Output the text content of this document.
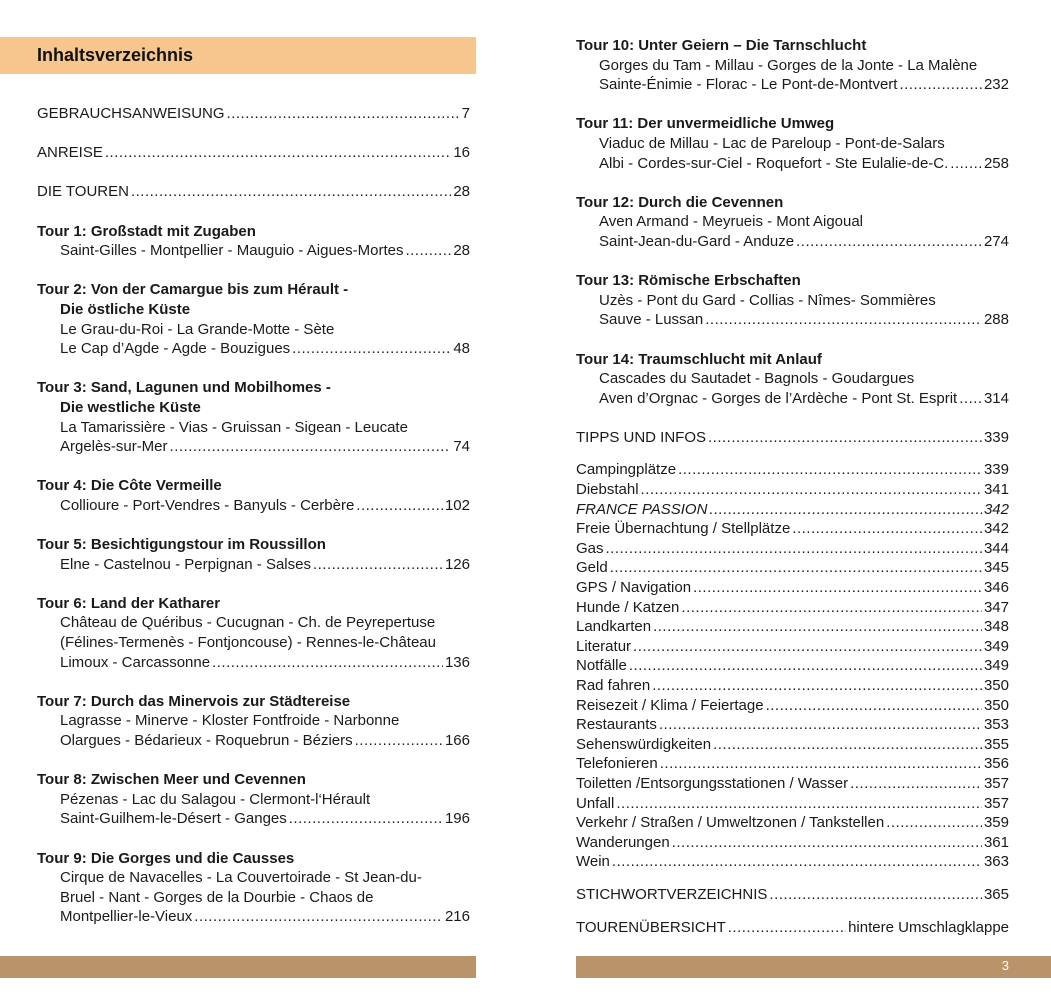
Inhaltsverzeichnis
GEBRAUCHSANWEISUNG .....	7
ANREISE .....	16
DIE TOUREN .....	28
Tour 1: Großstadt mit Zugaben
Saint-Gilles - Montpellier - Mauguio - Aigues-Mortes .....	28
Tour 2: Von der Camargue bis zum Hérault -
Die östliche Küste
Le Grau-du-Roi - La Grande-Motte - Sète
Le Cap d’Agde - Agde - Bouzigues .....	48
Tour 3: Sand, Lagunen und Mobilhomes -
Die westliche Küste
La Tamarissière - Vias - Gruissan - Sigean - Leucate
Argelès-sur-Mer .....	74
Tour 4: Die Côte Vermeille
Collioure - Port-Vendres - Banyuls - Cerbère .....	102
Tour 5: Besichtigungstour im Roussillon
Elne - Castelnou - Perpignan - Salses .....	126
Tour 6: Land der Katharer
Château de Quéribus - Cucugnan - Ch. de Peyrepertuse
(Félines-Termenès - Fontjoncouse) - Rennes-le-Château
Limoux - Carcassonne .....	136
Tour 7: Durch das Minervois zur Städtereise
Lagrasse - Minerve - Kloster Fontfroide - Narbonne
Olargues - Bédarieux - Roquebrun - Béziers .....	166
Tour 8: Zwischen Meer und Cevennen
Pézenas - Lac du Salagou - Clermont-l‘Hérault
Saint-Guilhem-le-Désert - Ganges .....	196
Tour 9: Die Gorges und die Causses
Cirque de Navacelles - La Couvertoirade - St Jean-du-
Bruel - Nant - Gorges de la Dourbie - Chaos de
Montpellier-le-Vieux .....	216
Tour 10: Unter Geiern – Die Tarnschlucht
Gorges du Tam - Millau - Gorges de la Jonte - La Malène
Sainte-Énimie - Florac - Le Pont-de-Montvert .....	232
Tour 11: Der unvermeidliche Umweg
Viaduc de Millau - Lac de Pareloup - Pont-de-Salars
Albi - Cordes-sur-Ciel - Roquefort - Ste Eulalie-de-C. ..... 258
Tour 12: Durch die Cevennen
Aven Armand - Meyrueis - Mont Aigoual
Saint-Jean-du-Gard - Anduze .....	274
Tour 13: Römische Erbschaften
Uzès - Pont du Gard - Collias - Nîmes- Sommières
Sauve - Lussan .....	288
Tour 14: Traumschlucht mit Anlauf
Cascades du Sautadet - Bagnols - Goudargues
Aven d’Orgnac - Gorges de l’Ardèche - Pont St. Esprit ..... 314
TIPPS UND INFOS .....	339
Campingplätze .....	339
Diebstahl .....	341
FRANCE PASSION .....	342
Freie Übernachtung / Stellplätze .....	342
Gas .....	344
Geld .....	345
GPS / Navigation .....	346
Hunde / Katzen .....	347
Landkarten .....	348
Literatur .....	349
Notfälle .....	349
Rad fahren .....	350
Reisezeit / Klima / Feiertage .....	350
Restaurants .....	353
Sehenswürdigkeiten .....	355
Telefonieren .....	356
Toiletten /Entsorgungsstationen / Wasser .....	357
Unfall .....	357
Verkehr / Straßen / Umweltzonen / Tankstellen .....	359
Wanderungen .....	361
Wein .....	363
STICHWORTVERZEICHNIS .....	365
TOURENÜBERSICHT .....	hintere Umschlagklappe
3
